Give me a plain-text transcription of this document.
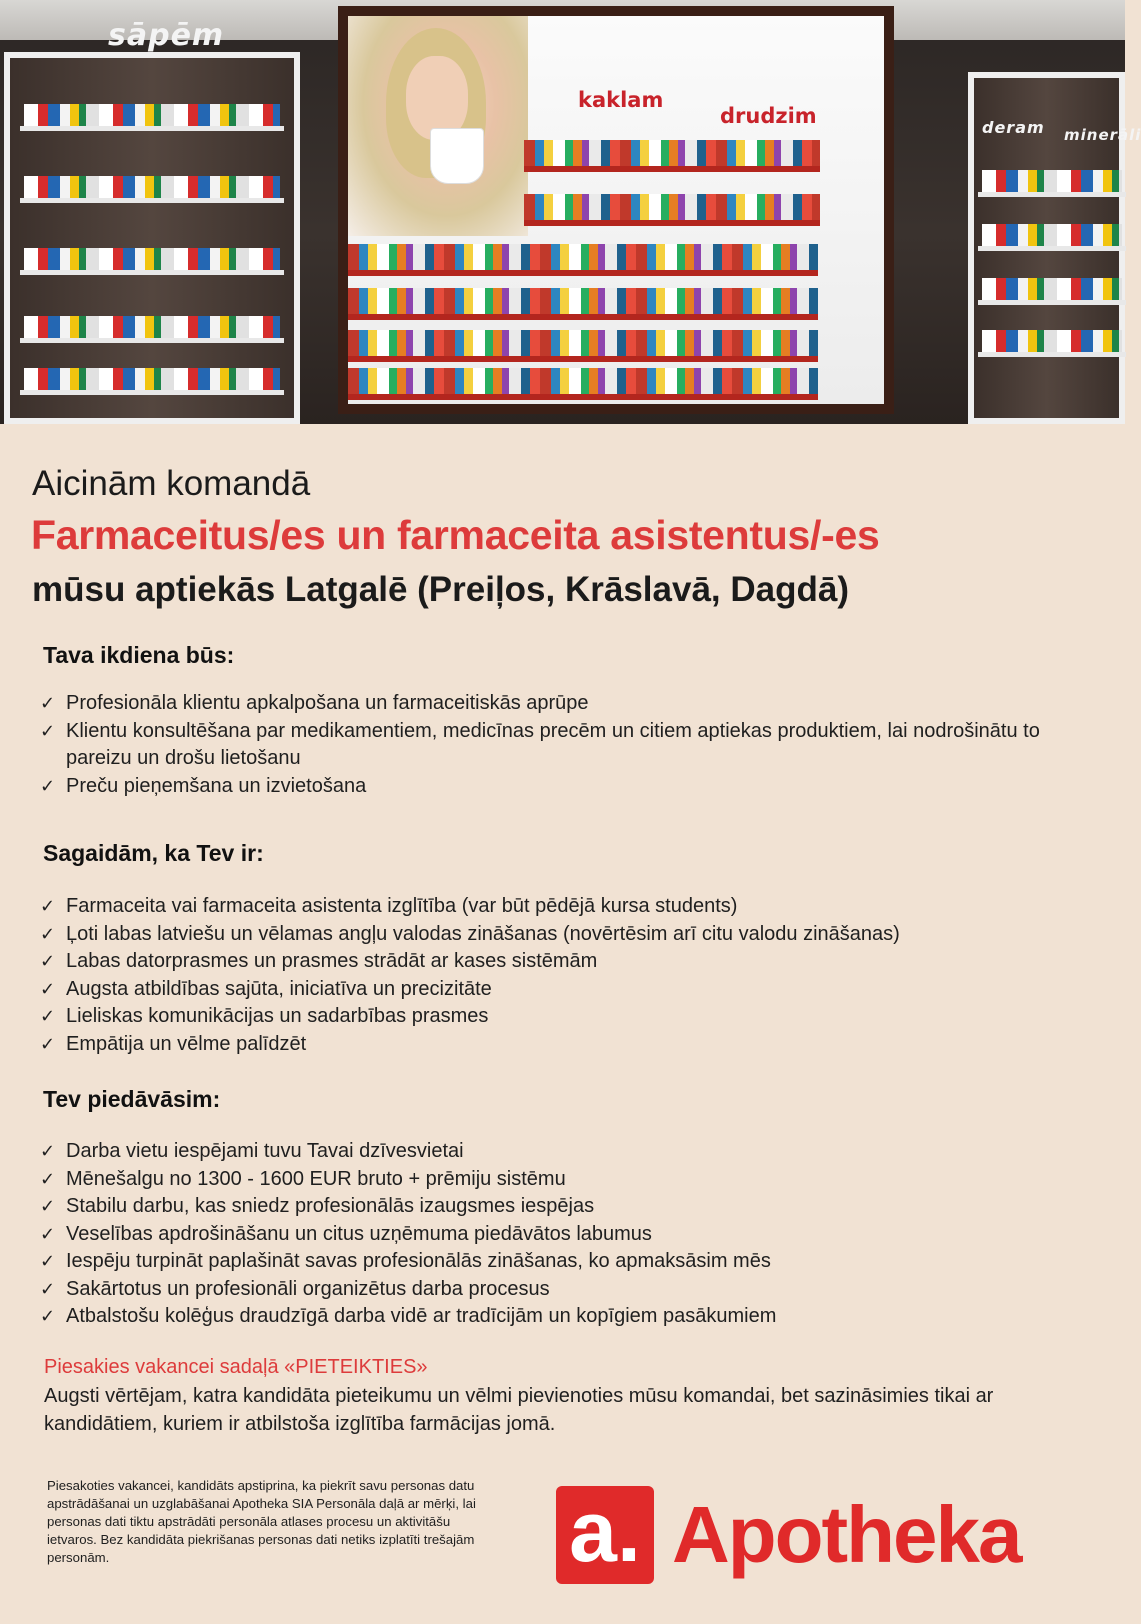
sāpēm
kaklam
drudzim	deram minerāli
Aicinām komandā
Farmaceitus/es un farmaceita asistentus/-es
mūsu aptiekās Latgalē (Preiļos, Krāslavā, Dagdā)
Tava ikdiena būs:
✓ Profesionāla klientu apkalpošana un farmaceitiskās aprūpe
✓ Klientu konsultēšana par medikamentiem, medicīnas precēm un citiem aptiekas produktiem, lai nodrošinātu to pareizu un drošu lietošanu
✓ Preču pieņemšana un izvietošana
Sagaidām, ka Tev ir:
✓ Farmaceita vai farmaceita asistenta izglītība (var būt pēdējā kursa students)
✓ Ļoti labas latviešu un vēlamas angļu valodas zināšanas (novērtēsim arī citu valodu zināšanas)
✓ Labas datorprasmes un prasmes strādāt ar kases sistēmām
✓ Augsta atbildības sajūta, iniciatīva un precizitāte
✓ Lieliskas komunikācijas un sadarbības prasmes
✓ Empātija un vēlme palīdzēt
Tev piedāvāsim:
✓ Darba vietu iespējami tuvu Tavai dzīvesvietai
✓ Mēnešalgu no 1300 - 1600 EUR bruto + prēmiju sistēmu
✓ Stabilu darbu, kas sniedz profesionālās izaugsmes iespējas
✓ Veselības apdrošināšanu un citus uzņēmuma piedāvātos labumus
✓ Iespēju turpināt paplašināt savas profesionālās zināšanas, ko apmaksāsim mēs
✓ Sakārtotus un profesionāli organizētus darba procesus
✓ Atbalstošu kolēģus draudzīgā darba vidē ar tradīcijām un kopīgiem pasākumiem

Piesakies vakancei sadaļā «PIETEIKTIES»

Augsti vērtējam, katra kandidāta pieteikumu un vēlmi pievienoties mūsu komandai, bet sazināsimies tikai ar kandidātiem, kuriem ir atbilstoša izglītība farmācijas jomā.

Piesakoties vakancei, kandidāts apstiprina, ka piekrīt savu personas datu apstrādāšanai un uzglabāšanai Apotheka SIA Personāla daļā ar mērķi, lai personas dati tiktu apstrādāti personāla atlases procesu un aktivitāšu ietvaros. Bez kandidāta piekrišanas personas dati netiks izplatīti trešajām personām.	a. Apotheka
